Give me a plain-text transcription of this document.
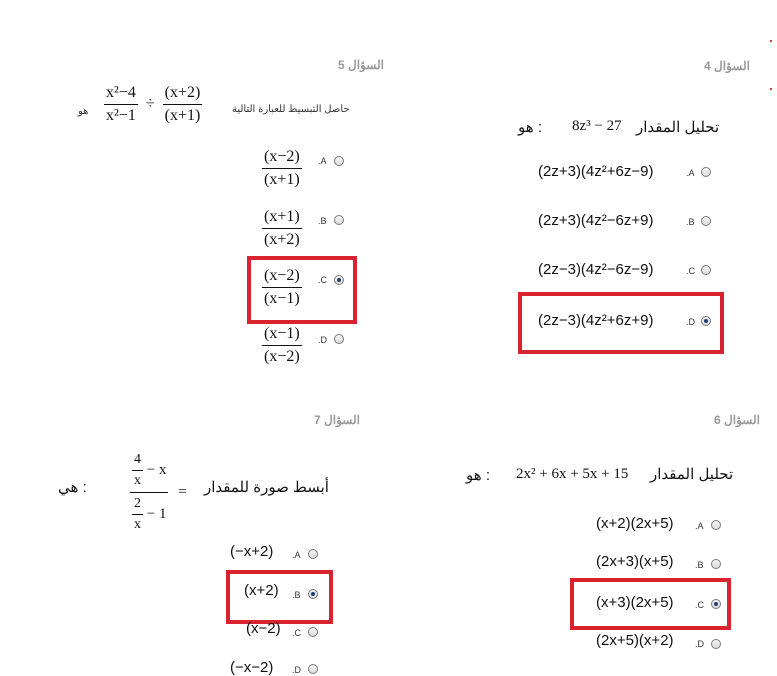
السؤال 5
هو $\frac{\text{x²−4}}{\text{x²−1}} \div \frac{(x+2)}{(x+1)}$	حاصل التبسيط للعبارة التالية
$\frac{(x-2)}{(x+1)} .A$
$\frac{(x+1)}{(x+2)} .B$
$\frac{(x-2)}{(x-1)} .C$
$\frac{(x-1)}{(x-2)} .D$
السؤال 4
هو : 8z³ − 27 تحليل المقدار
(2z+3)(4z²+6z−9)	.A
(2z+3)(4z²−6z+9)	.B
(2z−3)(4z²−6z−9)	.C
(2z−3)(4z²+6z+9)	.D
السؤال 7
هي :	$\frac{\frac{4}{x} - x}{\frac{2}{x} - 1}$ = أبسط صورة للمقدار
(−x+2) .A
(x+2) .B
(x−2) .C
(−x−2) .D
السؤال 6
هو : 2x² + 6x + 5x + 15 تحليل المقدار
(x+2)(2x+5) .A
(2x+3)(x+5) .B
(x+3)(2x+5) .C
(2x+5)(x+2) .D
